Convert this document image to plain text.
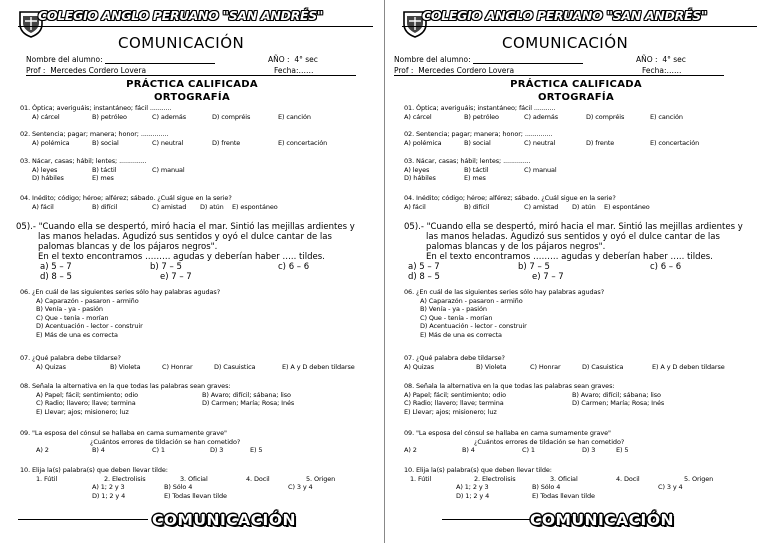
COLEGIO ANGLO PERUANO "SAN ANDRÉS"
COMUNICACIÓN
Nombre del alumno:	AÑO : 4° sec
Prof : Mercedes Cordero Lovera	Fecha:……
PRÁCTICA CALIFICADA
ORTOGRAFÍA
01. Óptica; averiguáis; instantáneo; fácil ...........
A) cárcel	B) petróleo	C) además	D) compréis	E) canción
02. Sentencia; pagar; manera; honor; ..............
A) polémica	B) social	C) neutral	D) frente	E) concertación
03. Nácar, casas; hábil; lentes; ..............
A) leyes	B) táctil	C) manual
D) hábiles	E) mes
04. Inédito; código; héroe; alférez; sábado. ¿Cuál sigue en la serie?
A) fácil	B) difícil	C) amistad D) atún E) espontáneo
05).- "Cuando ella se despertó, miró hacia el mar. Sintió las mejillas ardientes y
las manos heladas. Agudizó sus sentidos y oyó el dulce cantar de las
palomas blancas y de los pájaros negros".
En el texto encontramos ……… agudas y deberían haber ….. tildes.
a) 5 – 7	b) 7 – 5	c) 6 – 6
d) 8 – 5	e) 7 – 7
06. ¿En cuál de las siguientes series sólo hay palabras agudas?
A) Caparazón - pasaron - armiño
B) Venía - ya - pasión
C) Que - tenía - morían
D) Acentuación - lector - construir
E) Más de una es correcta
07. ¿Qué palabra debe tildarse?
A) Quizas	B) Violeta	C) Honrar	D) Casuistica	E) A y D deben tildarse
08. Señala la alternativa en la que todas las palabras sean graves:
A) Papel; fácil; sentimiento; odio	B) Avaro; difícil; sábana; liso
C) Radio; llavero; llave; termina	D) Carmen; María; Rosa; Inés
E) Llevar; ajos; misionero; luz
09. "La esposa del cónsul se hallaba en cama sumamente grave"
¿Cuántos errores de tildación se han cometido?
A) 2	B) 4	C) 1	D) 3	E) 5
10. Elija la(s) palabra(s) que deben llevar tilde:
1. Fútil	2. Electrolisis	3. Oficial	4. Docil	5. Origen
A) 1; 2 y 3	B) Sólo 4	C) 3 y 4
D) 1; 2 y 4	E) Todas llevan tilde
COMUNICACIÓN
COLEGIO ANGLO PERUANO "SAN ANDRÉS"
COMUNICACIÓN
Nombre del alumno:	AÑO : 4° sec
Prof : Mercedes Cordero Lovera	Fecha:……
PRÁCTICA CALIFICADA
ORTOGRAFÍA
01. Óptica; averiguáis; instantáneo; fácil ...........
A) cárcel	B) petróleo	C) además	D) compréis	E) canción
02. Sentencia; pagar; manera; honor; ..............
A) polémica	B) social	C) neutral	D) frente	E) concertación
03. Nácar, casas; hábil; lentes; ..............
A) leyes	B) táctil	C) manual
D) hábiles	E) mes
04. Inédito; código; héroe; alférez; sábado. ¿Cuál sigue en la serie?
A) fácil	B) difícil	C) amistad D) atún E) espontáneo
05).- "Cuando ella se despertó, miró hacia el mar. Sintió las mejillas ardientes y
las manos heladas. Agudizó sus sentidos y oyó el dulce cantar de las
palomas blancas y de los pájaros negros".
En el texto encontramos ……… agudas y deberían haber ….. tildes.
a) 5 – 7	b) 7 – 5	c) 6 – 6
d) 8 – 5	e) 7 – 7
06. ¿En cuál de las siguientes series sólo hay palabras agudas?
A) Caparazón - pasaron - armiño
B) Venía - ya - pasión
C) Que - tenía - morían
D) Acentuación - lector - construir
E) Más de una es correcta
07. ¿Qué palabra debe tildarse?
A) Quizas	B) Violeta	C) Honrar	D) Casuistica	E) A y D deben tildarse
08. Señala la alternativa en la que todas las palabras sean graves:
A) Papel; fácil; sentimiento; odio	B) Avaro; difícil; sábana; liso
C) Radio; llavero; llave; termina	D) Carmen; María; Rosa; Inés
E) Llevar; ajos; misionero; luz
09. "La esposa del cónsul se hallaba en cama sumamente grave"
¿Cuántos errores de tildación se han cometido?
A) 2	B) 4	C) 1	D) 3	E) 5
10. Elija la(s) palabra(s) que deben llevar tilde:
1. Fútil	2. Electrolisis	3. Oficial	4. Docil	5. Origen
A) 1; 2 y 3	B) Sólo 4	C) 3 y 4
D) 1; 2 y 4	E) Todas llevan tilde
COMUNICACIÓN
